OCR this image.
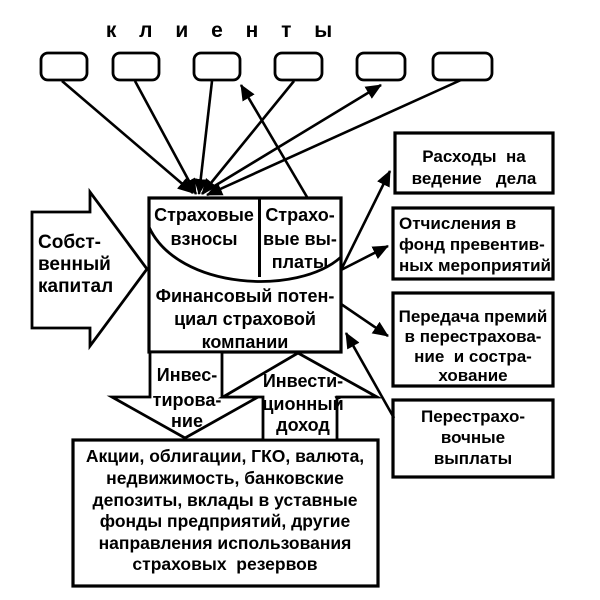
к л и е н т ы
Собст-
венный
капитал
Страховые
взносы
Страхо-
вые вы-
платы
Финансовый потен-
циал страховой
компании
Расходы  на
ведение   дела
Отчисления в
фонд превентив-
ных мероприятий
Передача премий
в перестрахова-
ние  и состра-
хование
Перестрахо-
вочные
выплаты
Инвес-
тирова-
ние
Инвести-
ционный
доход
Акции, облигации, ГКО, валюта,
недвижимость, банковские
депозиты, вклады в уставные
фонды предприятий, другие
направления использования
страховых  резервов
